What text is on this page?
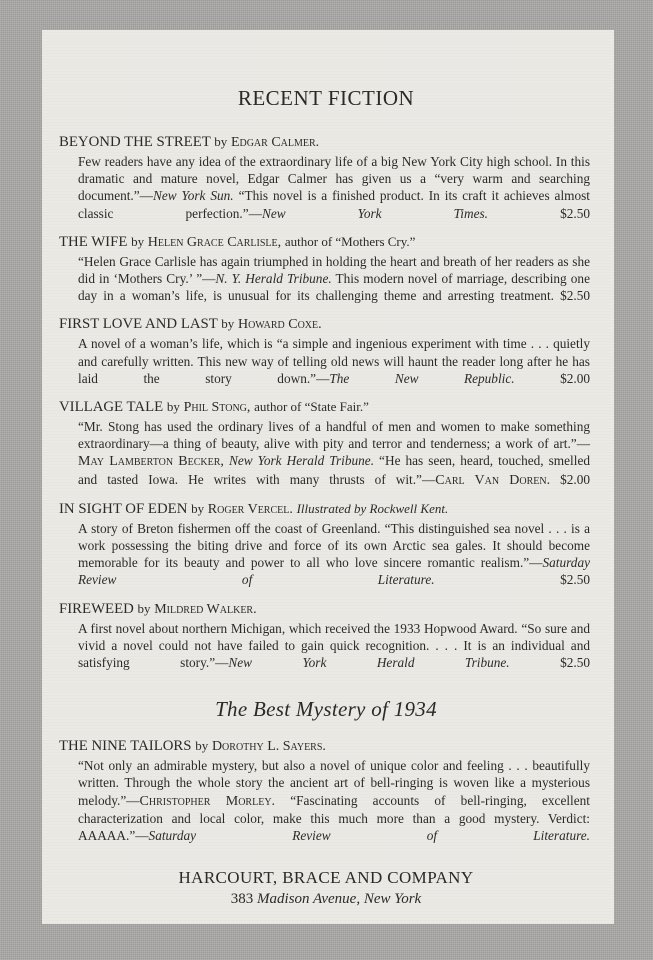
RECENT FICTION
BEYOND THE STREET by Edgar Calmer.
Few readers have any idea of the extraordinary life of a big New York City high school. In this dramatic and mature novel, Edgar Calmer has given us a “very warm and searching document.”—New York Sun. “This novel is a finished product. In its craft it achieves almost classic perfection.”—New York Times. $2.50
THE WIFE by Helen Grace Carlisle, author of “Mothers Cry.”
“Helen Grace Carlisle has again triumphed in holding the heart and breath of her readers as she did in ‘Mothers Cry.’ ”—N. Y. Herald Tribune. This modern novel of marriage, describing one day in a woman’s life, is unusual for its challenging theme and arresting treatment. $2.50
FIRST LOVE AND LAST by Howard Coxe.
A novel of a woman’s life, which is “a simple and ingenious experiment with time . . . quietly and carefully written. This new way of telling old news will haunt the reader long after he has laid the story down.”—The New Republic. $2.00
VILLAGE TALE by Phil Stong, author of “State Fair.”
“Mr. Stong has used the ordinary lives of a handful of men and women to make something extraordinary—a thing of beauty, alive with pity and terror and tenderness; a work of art.”—May Lamberton Becker, New York Herald Tribune. “He has seen, heard, touched, smelled and tasted Iowa. He writes with many thrusts of wit.”—Carl Van Doren. $2.00
IN SIGHT OF EDEN by Roger Vercel. Illustrated by Rockwell Kent.
A story of Breton fishermen off the coast of Greenland. “This distinguished sea novel . . . is a work possessing the biting drive and force of its own Arctic sea gales. It should become memorable for its beauty and power to all who love sincere romantic realism.”—Saturday Review of Literature. $2.50
FIREWEED by Mildred Walker.
A first novel about northern Michigan, which received the 1933 Hopwood Award. “So sure and vivid a novel could not have failed to gain quick recognition. . . . It is an individual and satisfying story.”—New York Herald Tribune. $2.50
The Best Mystery of 1934
THE NINE TAILORS by Dorothy L. Sayers.
“Not only an admirable mystery, but also a novel of unique color and feeling . . . beautifully written. Through the whole story the ancient art of bell-ringing is woven like a mysterious melody.”—Christopher Morley. “Fascinating accounts of bell-ringing, excellent characterization and local color, make this much more than a good mystery. Verdict: AAAAA.”—Saturday Review of Literature.
HARCOURT, BRACE AND COMPANY
383 Madison Avenue, New York
